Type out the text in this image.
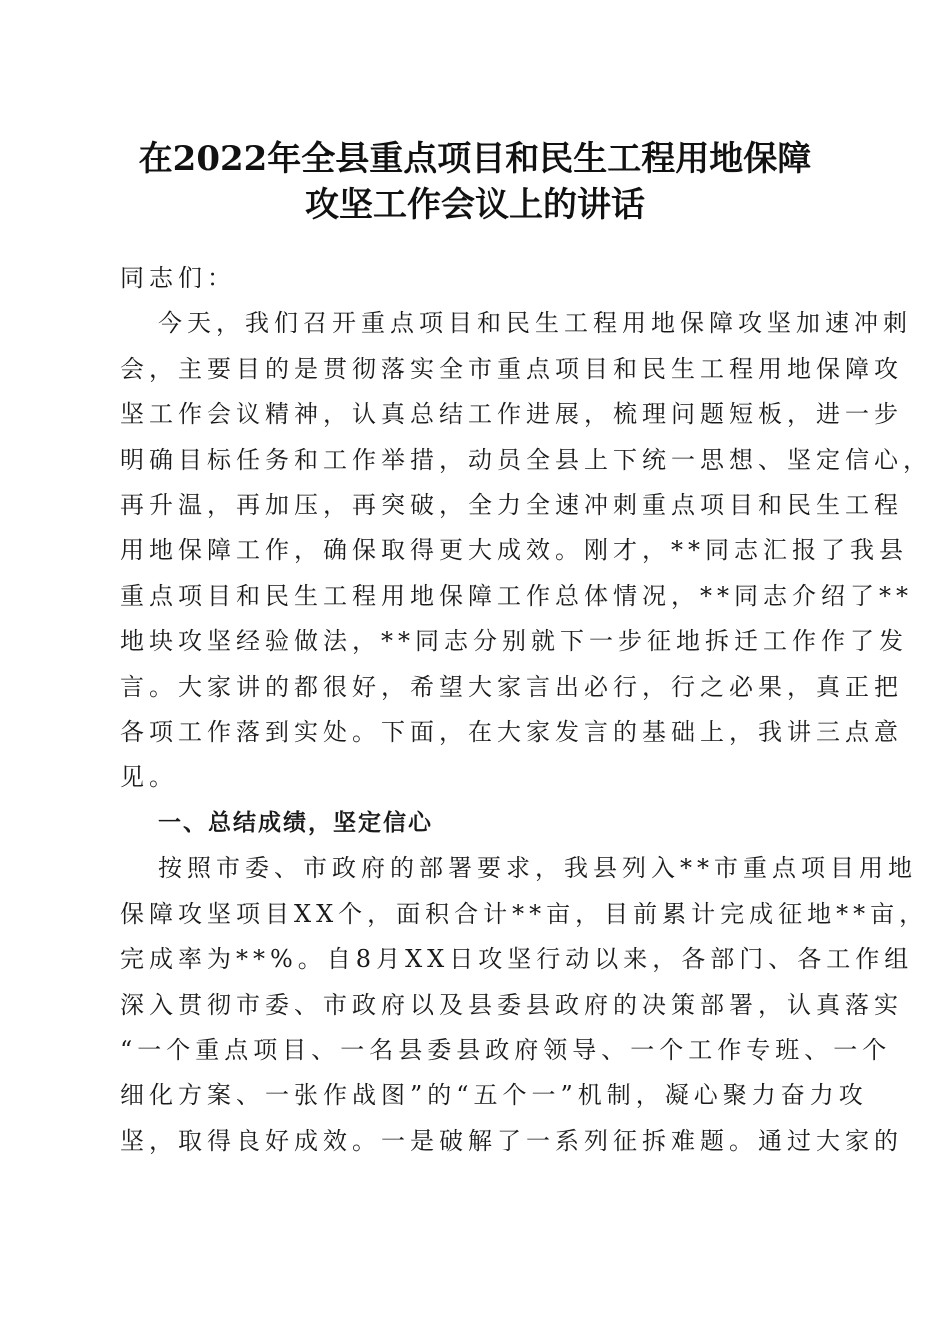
在2022年全县重点项目和民生工程用地保障
攻坚工作会议上的讲话

同志们：

今天，我们召开重点项目和民生工程用地保障攻坚加速冲刺
会，主要目的是贯彻落实全市重点项目和民生工程用地保障攻
坚工作会议精神，认真总结工作进展，梳理问题短板，进一步
明确目标任务和工作举措，动员全县上下统一思想、坚定信心，
再升温，再加压，再突破，全力全速冲刺重点项目和民生工程
用地保障工作，确保取得更大成效。刚才，**同志汇报了我县
重点项目和民生工程用地保障工作总体情况，**同志介绍了**
地块攻坚经验做法，**同志分别就下一步征地拆迁工作作了发
言。大家讲的都很好，希望大家言出必行，行之必果，真正把
各项工作落到实处。下面，在大家发言的基础上，我讲三点意
见。

一、总结成绩，坚定信心

按照市委、市政府的部署要求，我县列入**市重点项目用地
保障攻坚项目XX个，面积合计**亩，目前累计完成征地**亩，
完成率为**%。自8月XX日攻坚行动以来，各部门、各工作组
深入贯彻市委、市政府以及县委县政府的决策部署，认真落实
“一个重点项目、一名县委县政府领导、一个工作专班、一个
细化方案、一张作战图”的“五个一”机制，凝心聚力奋力攻
坚，取得良好成效。一是破解了一系列征拆难题。通过大家的
